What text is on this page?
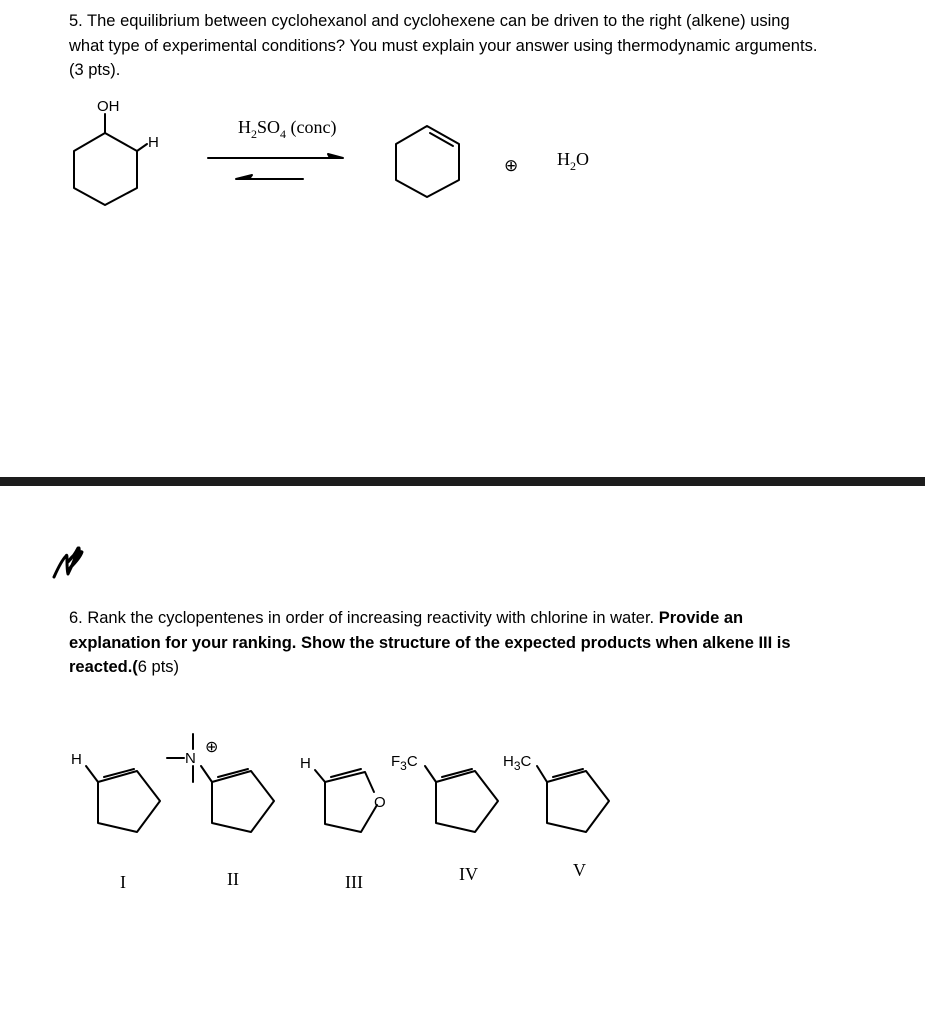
5. The equilibrium between cyclohexanol and cyclohexene can be driven to the right (alkene) using
what type of experimental conditions? You must explain your answer using thermodynamic arguments.
(3 pts).
OH
H
$H_2SO_4$ (conc)
⊕ $H_2O$
H
I
N
⊕
II
H
O
III
$F_3C$
IV
$H_3C$
V
6. Rank the cyclopentenes in order of increasing reactivity with chlorine in water. Provide an
explanation for your ranking. Show the structure of the expected products when alkene III is
reacted.(6 pts)
